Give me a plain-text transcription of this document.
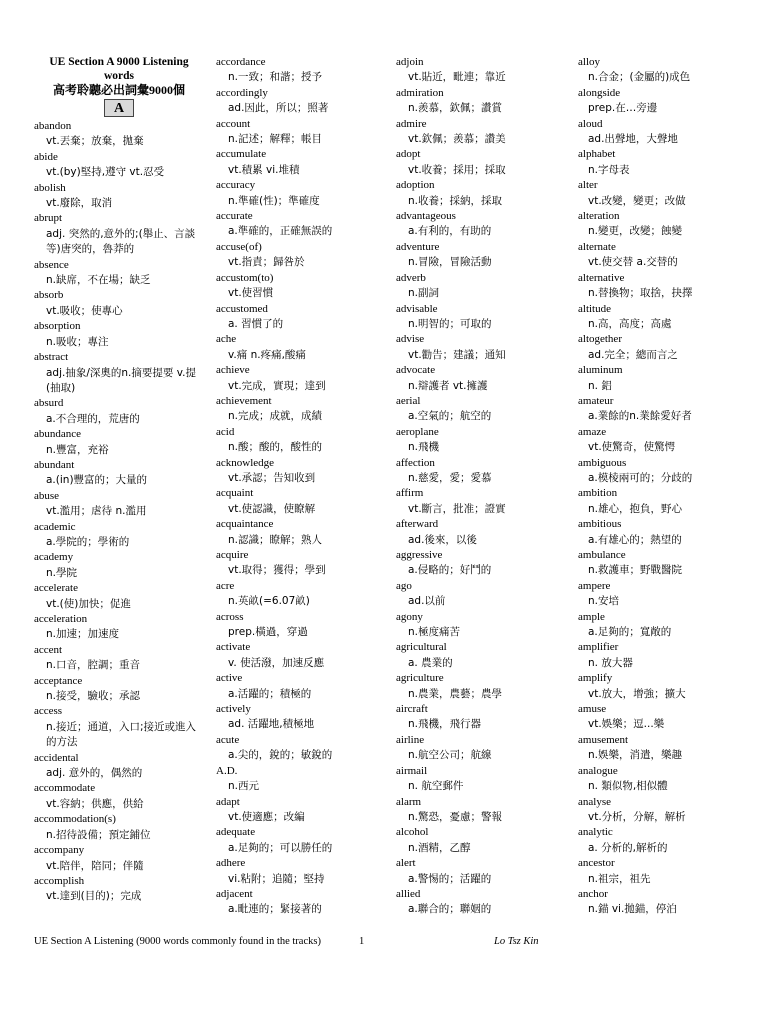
UE Section A 9000 Listening words
高考聆聽必出詞彙9000個
A
abandon
vt.丟棄；放棄，拋棄
abide
vt.(by)堅持,遵守 vt.忍受
abolish
vt.廢除，取消
abrupt
adj. 突然的,意外的;(舉止、言談等)唐突的，魯莽的
absence
n.缺席，不在場；缺乏
absorb
vt.吸收；使專心
absorption
n.吸收；專注
abstract
adj.抽象/深奧的n.摘要提要 v.提(抽取)
absurd
a.不合理的，荒唐的
abundance
n.豐富，充裕
abundant
a.(in)豐富的；大量的
abuse
vt.濫用；虐待 n.濫用
academic
a.學院的；學術的
academy
n.學院
accelerate
vt.(使)加快；促進
acceleration
n.加速；加速度
accent
n.口音，腔調；重音
acceptance
n.接受，驗收；承認
access
n.接近；通道，入口;接近或進入的方法
accidental
adj. 意外的，偶然的
accommodate
vt.容納；供應，供給
accommodation(s)
n.招待設備；預定鋪位
accompany
vt.陪伴，陪同；伴隨
accomplish
vt.達到(目的)；完成
accordance
n.一致；和諧；授予
accordingly
ad.因此，所以；照著
account
n.記述；解釋；帳目
accumulate
vt.積累 vi.堆積
accuracy
n.準確(性)；準確度
accurate
a.準確的，正確無誤的
accuse(of)
vt.指責；歸咎於
accustom(to)
vt.使習慣
accustomed
a. 習慣了的
ache
v.痛 n.疼痛,酸痛
achieve
vt.完成，實現；達到
achievement
n.完成；成就，成績
acid
n.酸；酸的，酸性的
acknowledge
vt.承認；告知收到
acquaint
vt.使認識，使瞭解
acquaintance
n.認識；瞭解；熟人
acquire
vt.取得；獲得；學到
acre
n.英畝(=6.07畝)
across
prep.橫過，穿過
activate
v. 使活潑，加速反應
active
a.活躍的；積極的
actively
ad. 活躍地,積極地
acute
a.尖的，銳的；敏銳的
A.D.
n.西元
adapt
vt.使適應；改編
adequate
a.足夠的；可以勝任的
adhere
vi.粘附；追隨；堅持
adjacent
a.毗連的；緊接著的
adjoin
vt.貼近，毗連；靠近
admiration
n.羨慕，欽佩；讚賞
admire
vt.欽佩；羨慕；讚美
adopt
vt.收養；採用；採取
adoption
n.收養；採納，採取
advantageous
a.有利的，有助的
adventure
n.冒險，冒險活動
adverb
n.副詞
advisable
n.明智的；可取的
advise
vt.勸告；建議；通知
advocate
n.辯護者 vt.擁護
aerial
a.空氣的；航空的
aeroplane
n.飛機
affection
n.慈愛，愛；愛慕
affirm
vt.斷言，批准；證實
afterward
ad.後來，以後
aggressive
a.侵略的；好鬥的
ago
ad.以前
agony
n.極度痛苦
agricultural
a. 農業的
agriculture
n.農業，農藝；農學
aircraft
n.飛機，飛行器
airline
n.航空公司；航線
airmail
n. 航空郵件
alarm
n.驚恐，憂慮；警報
alcohol
n.酒精，乙醇
alert
a.警惕的；活躍的
allied
a.聯合的；聯姻的
alloy
n.合金；(金屬的)成色
alongside
prep.在…旁邊
aloud
ad.出聲地，大聲地
alphabet
n.字母表
alter
vt.改變，變更；改做
alteration
n.變更，改變；蝕變
alternate
vt.使交替 a.交替的
alternative
n.替換物；取捨，抉擇
altitude
n.高，高度；高處
altogether
ad.完全；總而言之
aluminum
n. 鋁
amateur
a.業餘的n.業餘愛好者
amaze
vt.使驚奇，使驚愕
ambiguous
a.模棱兩可的；分歧的
ambition
n.雄心，抱負，野心
ambitious
a.有雄心的；熱望的
ambulance
n.救護車；野戰醫院
ampere
n.安培
ample
a.足夠的；寬敞的
amplifier
n. 放大器
amplify
vt.放大，增強；擴大
amuse
vt.娛樂；逗...樂
amusement
n.娛樂，消遣，樂趣
analogue
n. 類似物,相似體
analyse
vt.分析，分解，解析
analytic
a. 分析的,解析的
ancestor
n.祖宗，祖先
anchor
n.錨 vi.拋錨，停泊
UE Section A Listening (9000 words commonly found in the tracks)	1	Lo Tsz Kin
